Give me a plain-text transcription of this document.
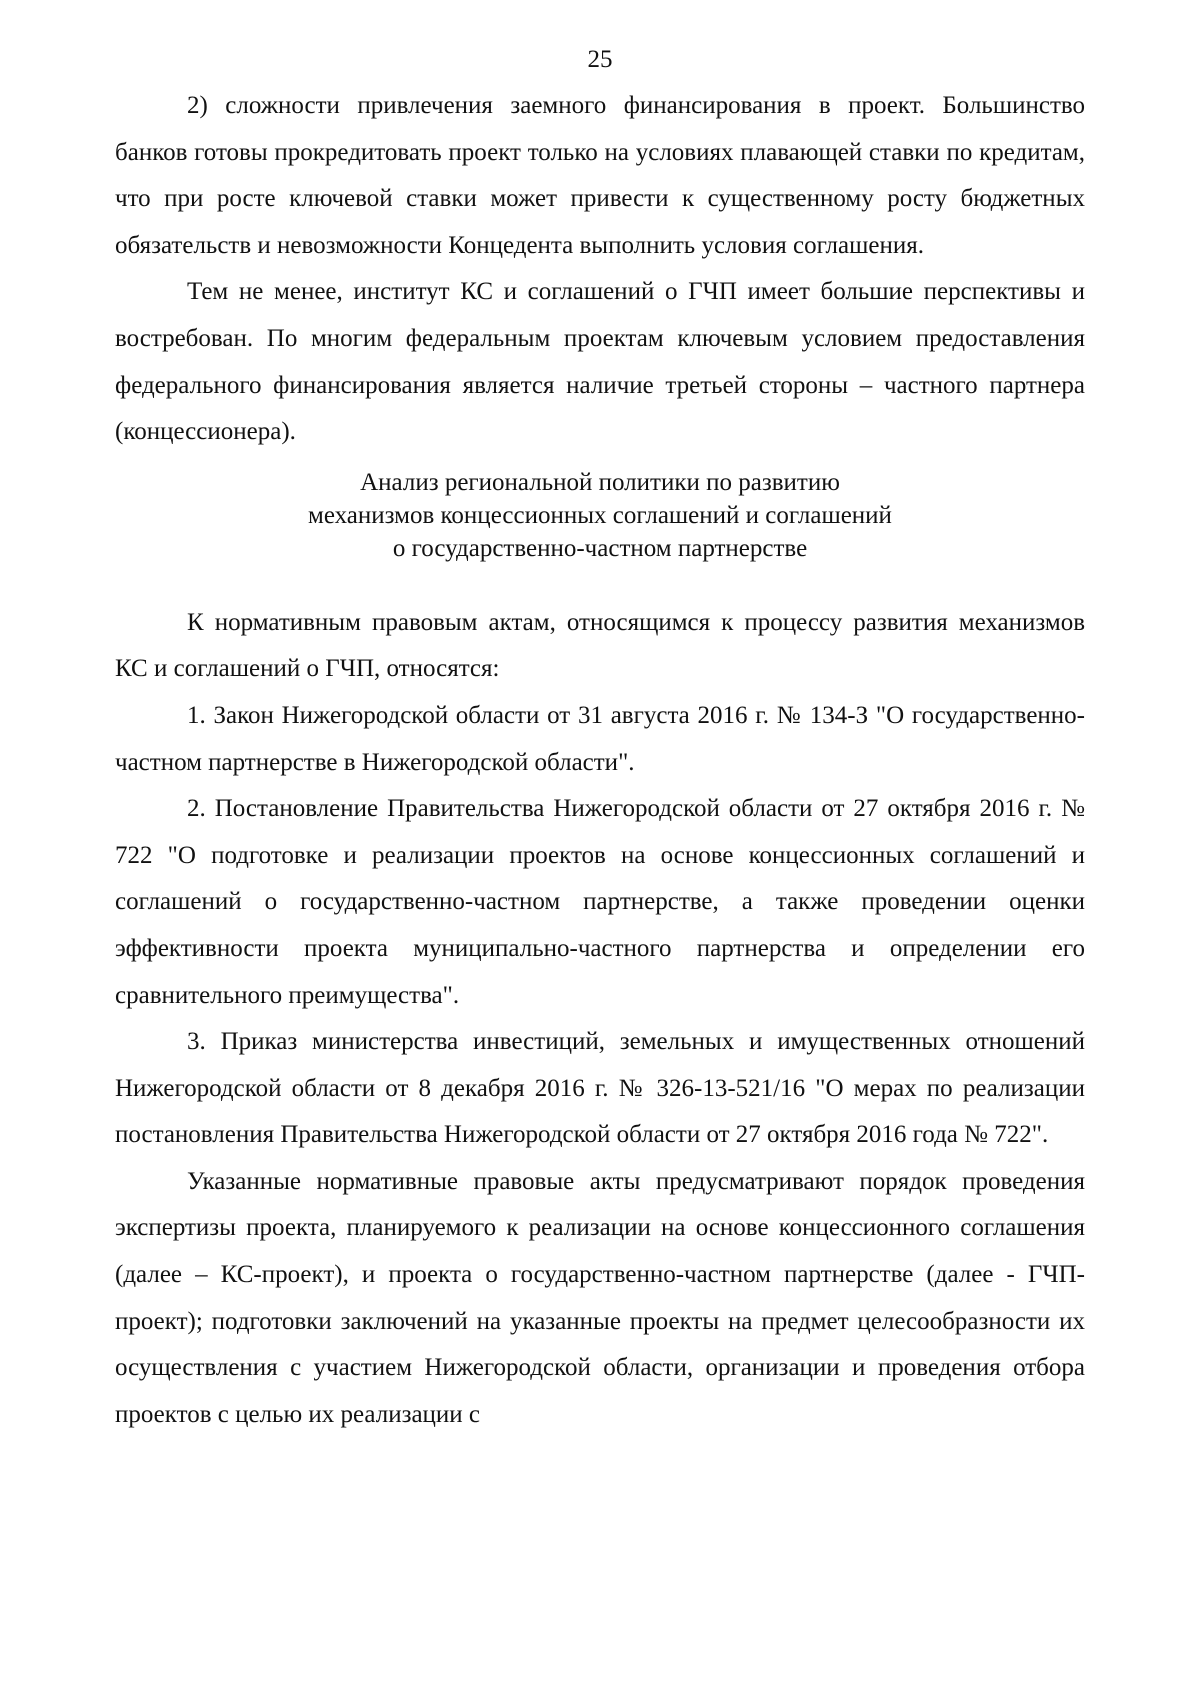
25

2) сложности привлечения заемного финансирования в проект. Большинство банков готовы прокредитовать проект только на условиях плавающей ставки по кредитам, что при росте ключевой ставки может привести к существенному росту бюджетных обязательств и невозможности Концедента выполнить условия соглашения.

Тем не менее, институт КС и соглашений о ГЧП имеет большие перспективы и востребован. По многим федеральным проектам ключевым условием предоставления федерального финансирования является наличие третьей стороны – частного партнера (концессионера).

Анализ региональной политики по развитию
механизмов концессионных соглашений и соглашений
о государственно-частном партнерстве

К нормативным правовым актам, относящимся к процессу развития механизмов КС и соглашений о ГЧП, относятся:

1. Закон Нижегородской области от 31 августа 2016 г. № 134-З "О государственно-частном партнерстве в Нижегородской области".

2. Постановление Правительства Нижегородской области от 27 октября 2016 г. № 722 "О подготовке и реализации проектов на основе концессионных соглашений и соглашений о государственно-частном партнерстве, а также проведении оценки эффективности проекта муниципально-частного партнерства и определении его сравнительного преимущества".

3. Приказ министерства инвестиций, земельных и имущественных отношений Нижегородской области от 8 декабря 2016 г. № 326-13-521/16 "О мерах по реализации постановления Правительства Нижегородской области от 27 октября 2016 года № 722".

Указанные нормативные правовые акты предусматривают порядок проведения экспертизы проекта, планируемого к реализации на основе концессионного соглашения (далее – КС-проект), и проекта о государственно-частном партнерстве (далее - ГЧП-проект); подготовки заключений на указанные проекты на предмет целесообразности их осуществления с участием Нижегородской области, организации и проведения отбора проектов с целью их реализации с
